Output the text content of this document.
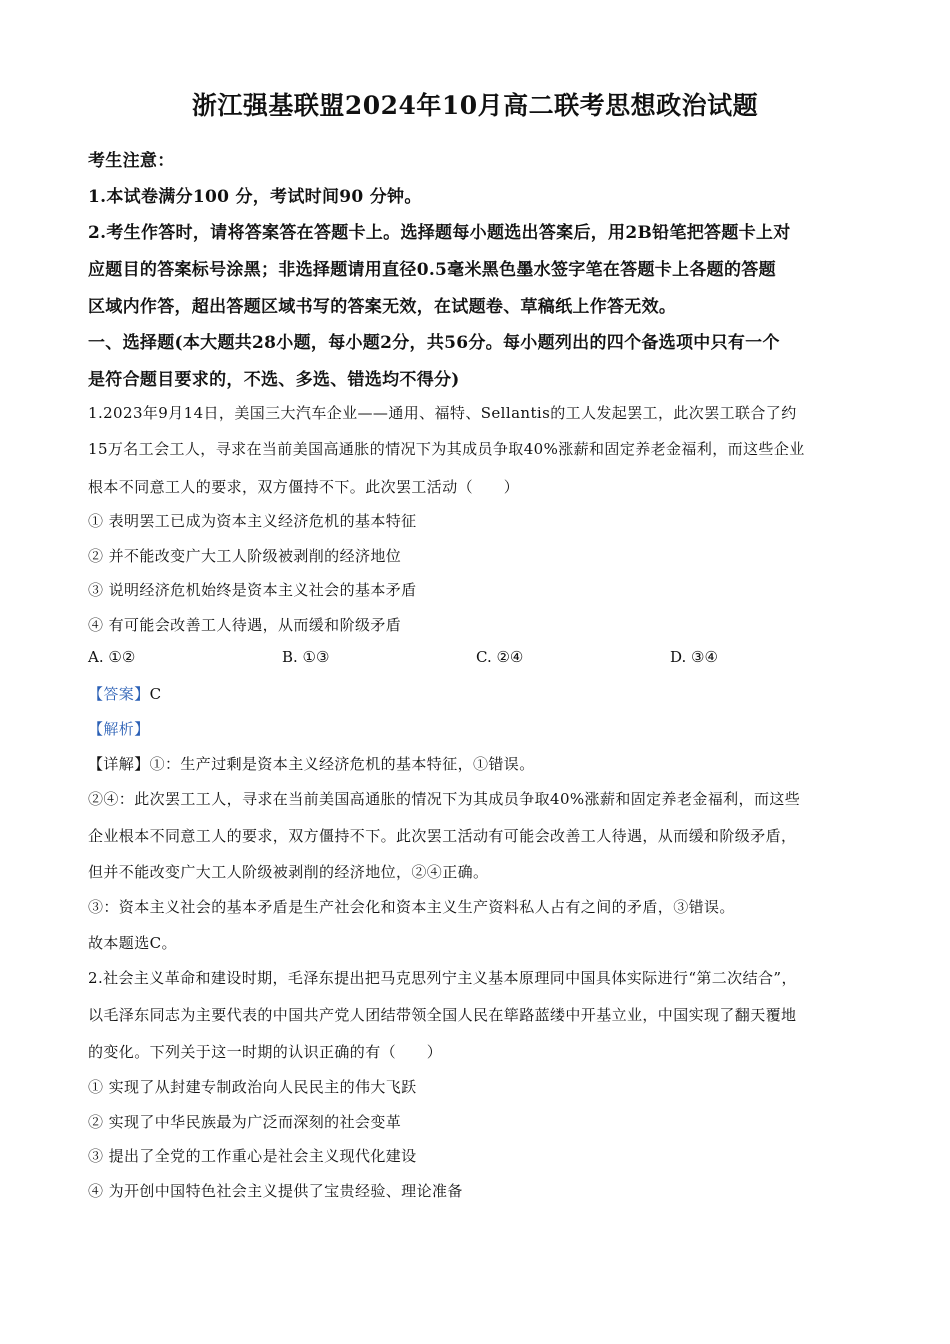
浙江强基联盟2024年10月高二联考思想政治试题
考生注意：
1.本试卷满分100 分，考试时间90 分钟。
2.考生作答时，请将答案答在答题卡上。选择题每小题选出答案后，用2B铅笔把答题卡上对
应题目的答案标号涂黑；非选择题请用直径0.5毫米黑色墨水签字笔在答题卡上各题的答题
区域内作答，超出答题区域书写的答案无效，在试题卷、草稿纸上作答无效。
一、选择题(本大题共28小题，每小题2分，共56分。每小题列出的四个备选项中只有一个
是符合题目要求的，不选、多选、错选均不得分)
1.2023年9月14日，美国三大汽车企业——通用、福特、Sellantis的工人发起罢工，此次罢工联合了约
15万名工会工人，寻求在当前美国高通胀的情况下为其成员争取40%涨薪和固定养老金福利，而这些企业
根本不同意工人的要求，双方僵持不下。此次罢工活动（　　）
① 表明罢工已成为资本主义经济危机的基本特征
② 并不能改变广大工人阶级被剥削的经济地位
③ 说明经济危机始终是资本主义社会的基本矛盾
④ 有可能会改善工人待遇，从而缓和阶级矛盾
A. ①②	B. ①③	C. ②④	D. ③④
【答案】C
【解析】
【详解】①：生产过剩是资本主义经济危机的基本特征，①错误。
②④：此次罢工工人，寻求在当前美国高通胀的情况下为其成员争取40%涨薪和固定养老金福利，而这些
企业根本不同意工人的要求，双方僵持不下。此次罢工活动有可能会改善工人待遇，从而缓和阶级矛盾，
但并不能改变广大工人阶级被剥削的经济地位，②④正确。
③：资本主义社会的基本矛盾是生产社会化和资本主义生产资料私人占有之间的矛盾，③错误。
故本题选C。
2.社会主义革命和建设时期，毛泽东提出把马克思列宁主义基本原理同中国具体实际进行“第二次结合”，
以毛泽东同志为主要代表的中国共产党人团结带领全国人民在筚路蓝缕中开基立业，中国实现了翻天覆地
的变化。下列关于这一时期的认识正确的有（　　）
① 实现了从封建专制政治向人民民主的伟大飞跃
② 实现了中华民族最为广泛而深刻的社会变革
③ 提出了全党的工作重心是社会主义现代化建设
④ 为开创中国特色社会主义提供了宝贵经验、理论准备
